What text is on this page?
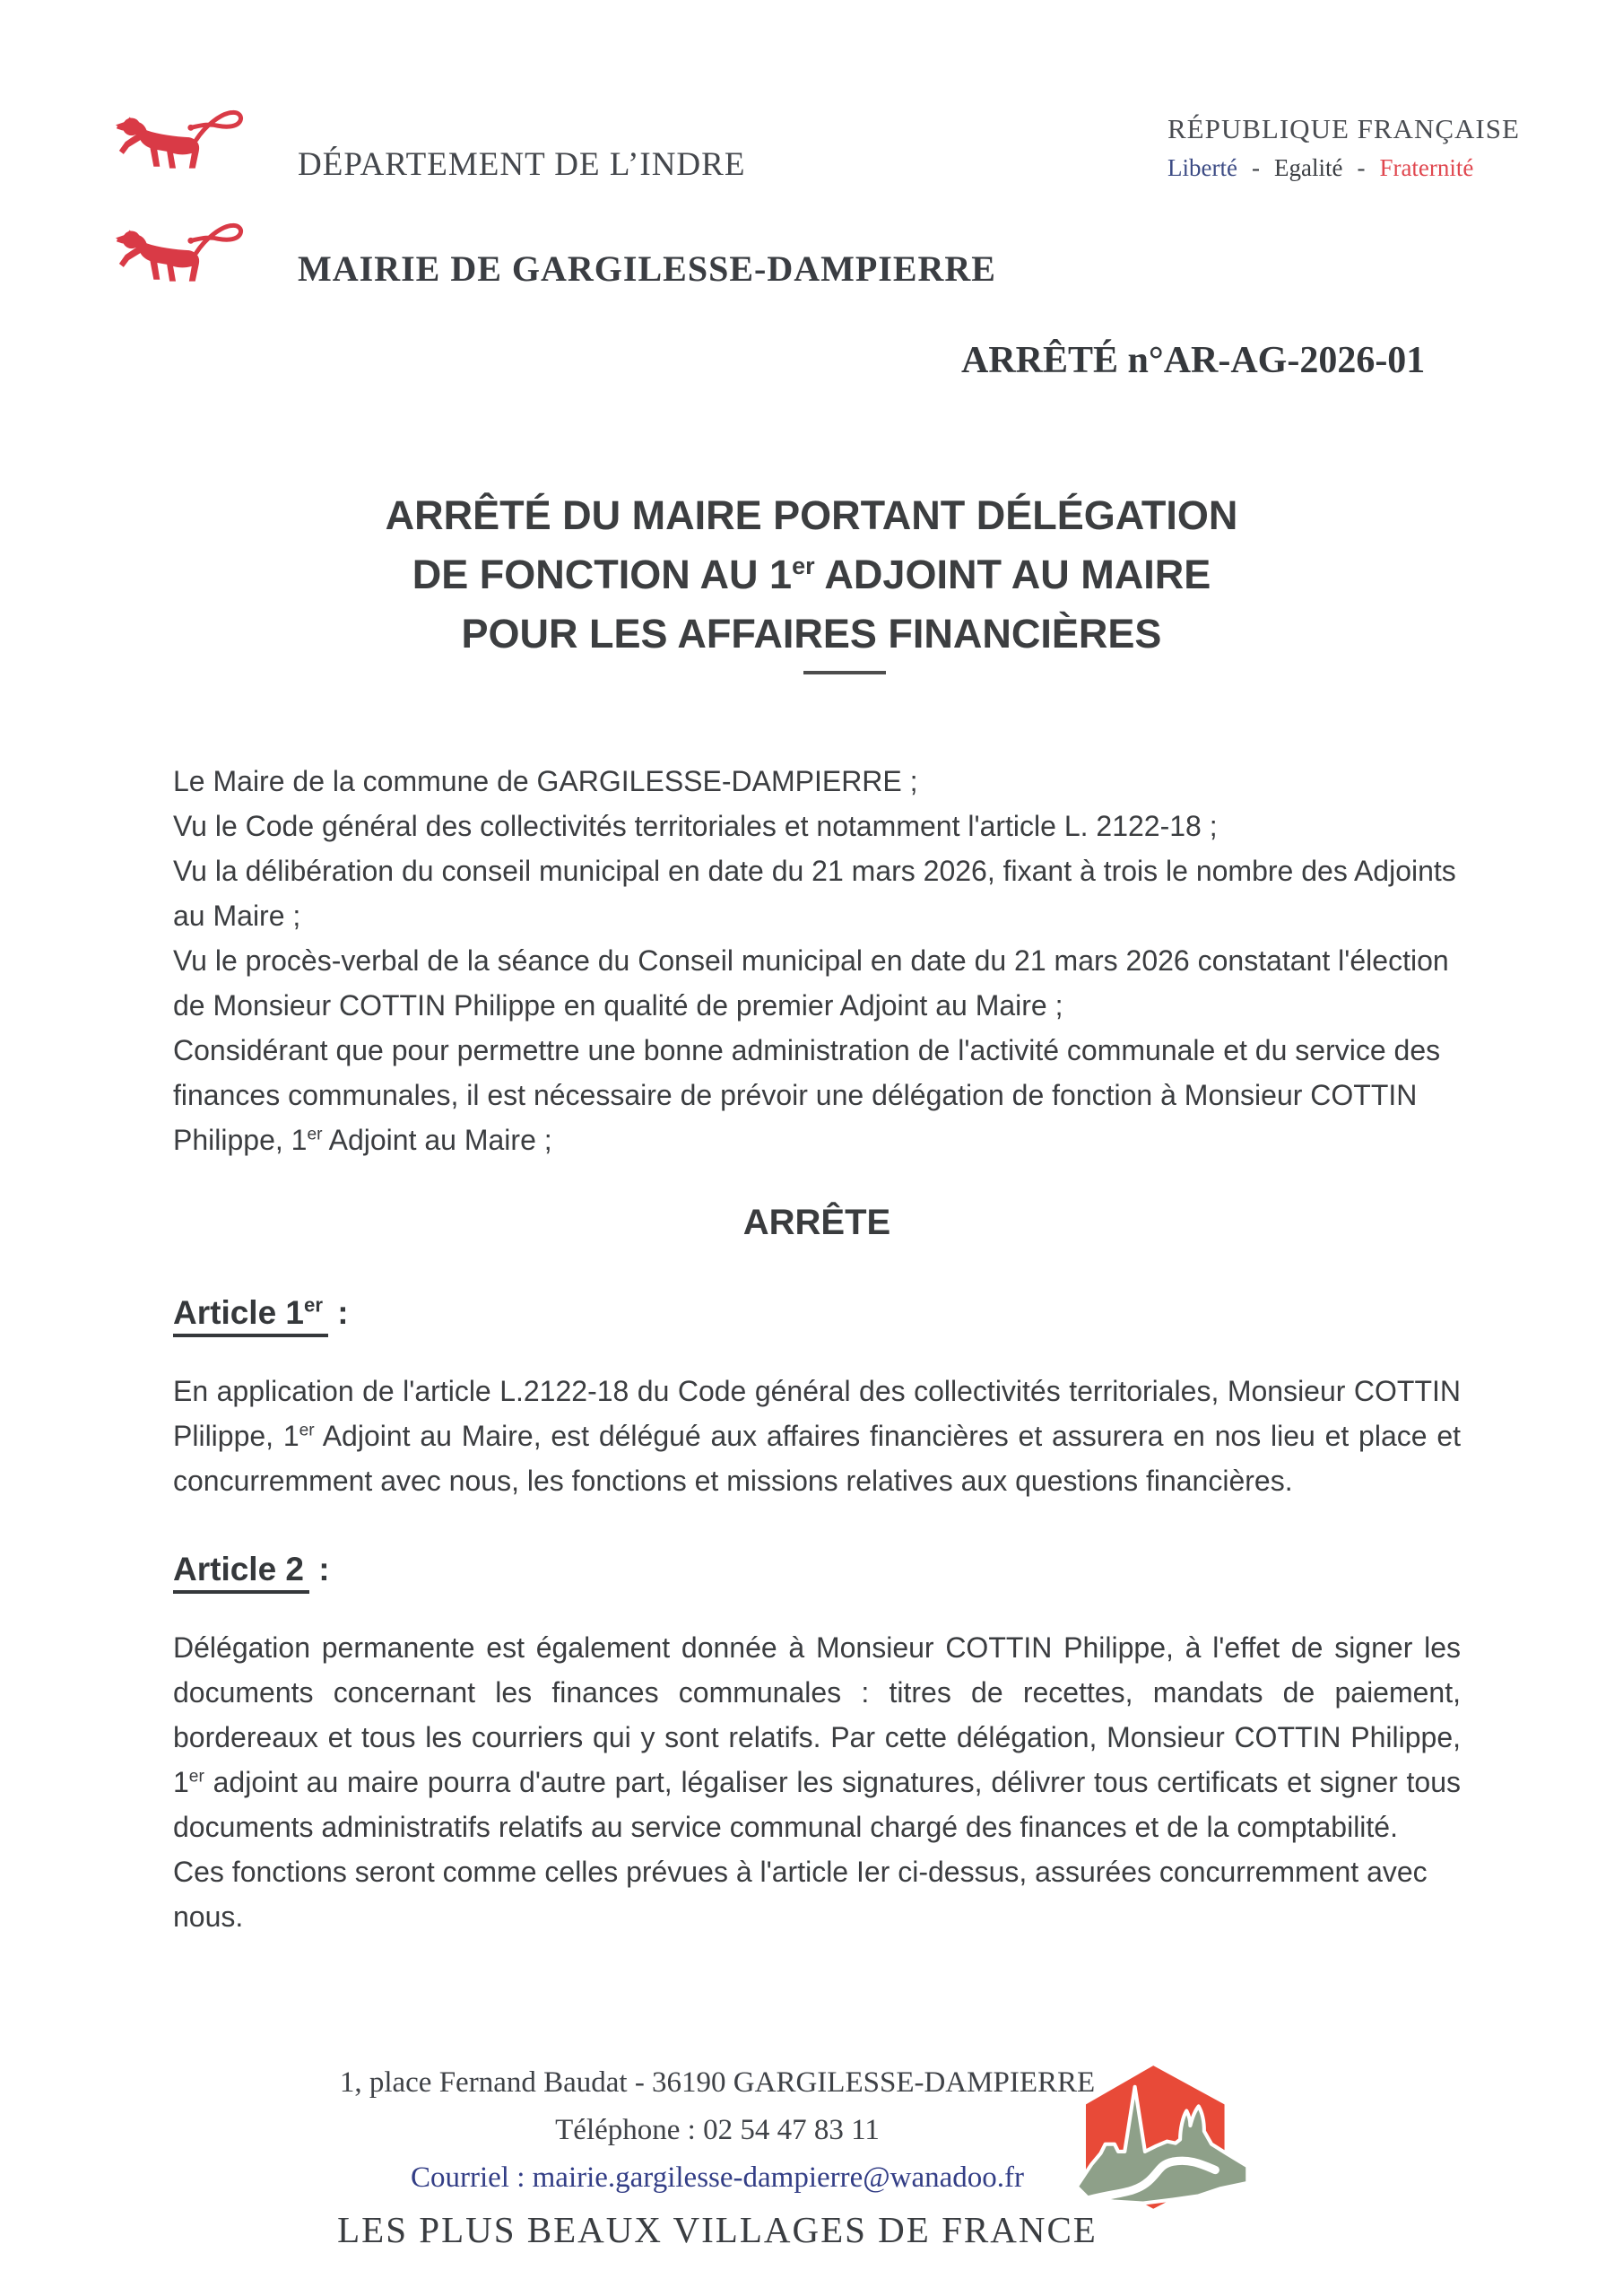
DÉPARTEMENT DE L’INDRE
RÉPUBLIQUE FRANÇAISE
Liberté - Egalité - Fraternité
MAIRIE DE GARGILESSE-DAMPIERRE
ARRÊTÉ n°AR-AG-2026-01
ARRÊTÉ DU MAIRE PORTANT DÉLÉGATION
DE FONCTION AU 1er ADJOINT AU MAIRE
POUR LES AFFAIRES FINANCIÈRES

Le Maire de la commune de GARGILESSE-DAMPIERRE ;

Vu le Code général des collectivités territoriales et notamment l'article L. 2122-18 ;

Vu la délibération du conseil municipal en date du 21 mars 2026, fixant à trois le nombre des Adjoints au Maire ;

Vu le procès-verbal de la séance du Conseil municipal en date du 21 mars 2026 constatant l'élection de Monsieur COTTIN Philippe en qualité de premier Adjoint au Maire ;

Considérant que pour permettre une bonne administration de l'activité communale et du service des finances communales, il est nécessaire de prévoir une délégation de fonction à Monsieur COTTIN Philippe, 1er Adjoint au Maire ;

ARRÊTE
Article 1er :

En application de l'article L.2122-18 du Code général des collectivités territoriales, Monsieur COTTIN Plilippe, 1er Adjoint au Maire, est délégué aux affaires financières et assurera en nos lieu et place et concurremment avec nous, les fonctions et missions relatives aux questions financières.

Article 2 :

Délégation permanente est également donnée à Monsieur COTTIN Philippe, à l'effet de signer les documents concernant les finances communales : titres de recettes, mandats de paiement, bordereaux et tous les courriers qui y sont relatifs. Par cette délégation, Monsieur COTTIN Philippe, 1er adjoint au maire pourra d'autre part, légaliser les signatures, délivrer tous certificats et signer tous documents administratifs relatifs au service communal chargé des finances et de la comptabilité.

Ces fonctions seront comme celles prévues à l'article Ier ci-dessus, assurées concurremment avec nous.

1, place Fernand Baudat - 36190 GARGILESSE-DAMPIERRE
Téléphone : 02 54 47 83 11
Courriel : mairie.gargilesse-dampierre@wanadoo.fr
LES PLUS BEAUX VILLAGES DE FRANCE
